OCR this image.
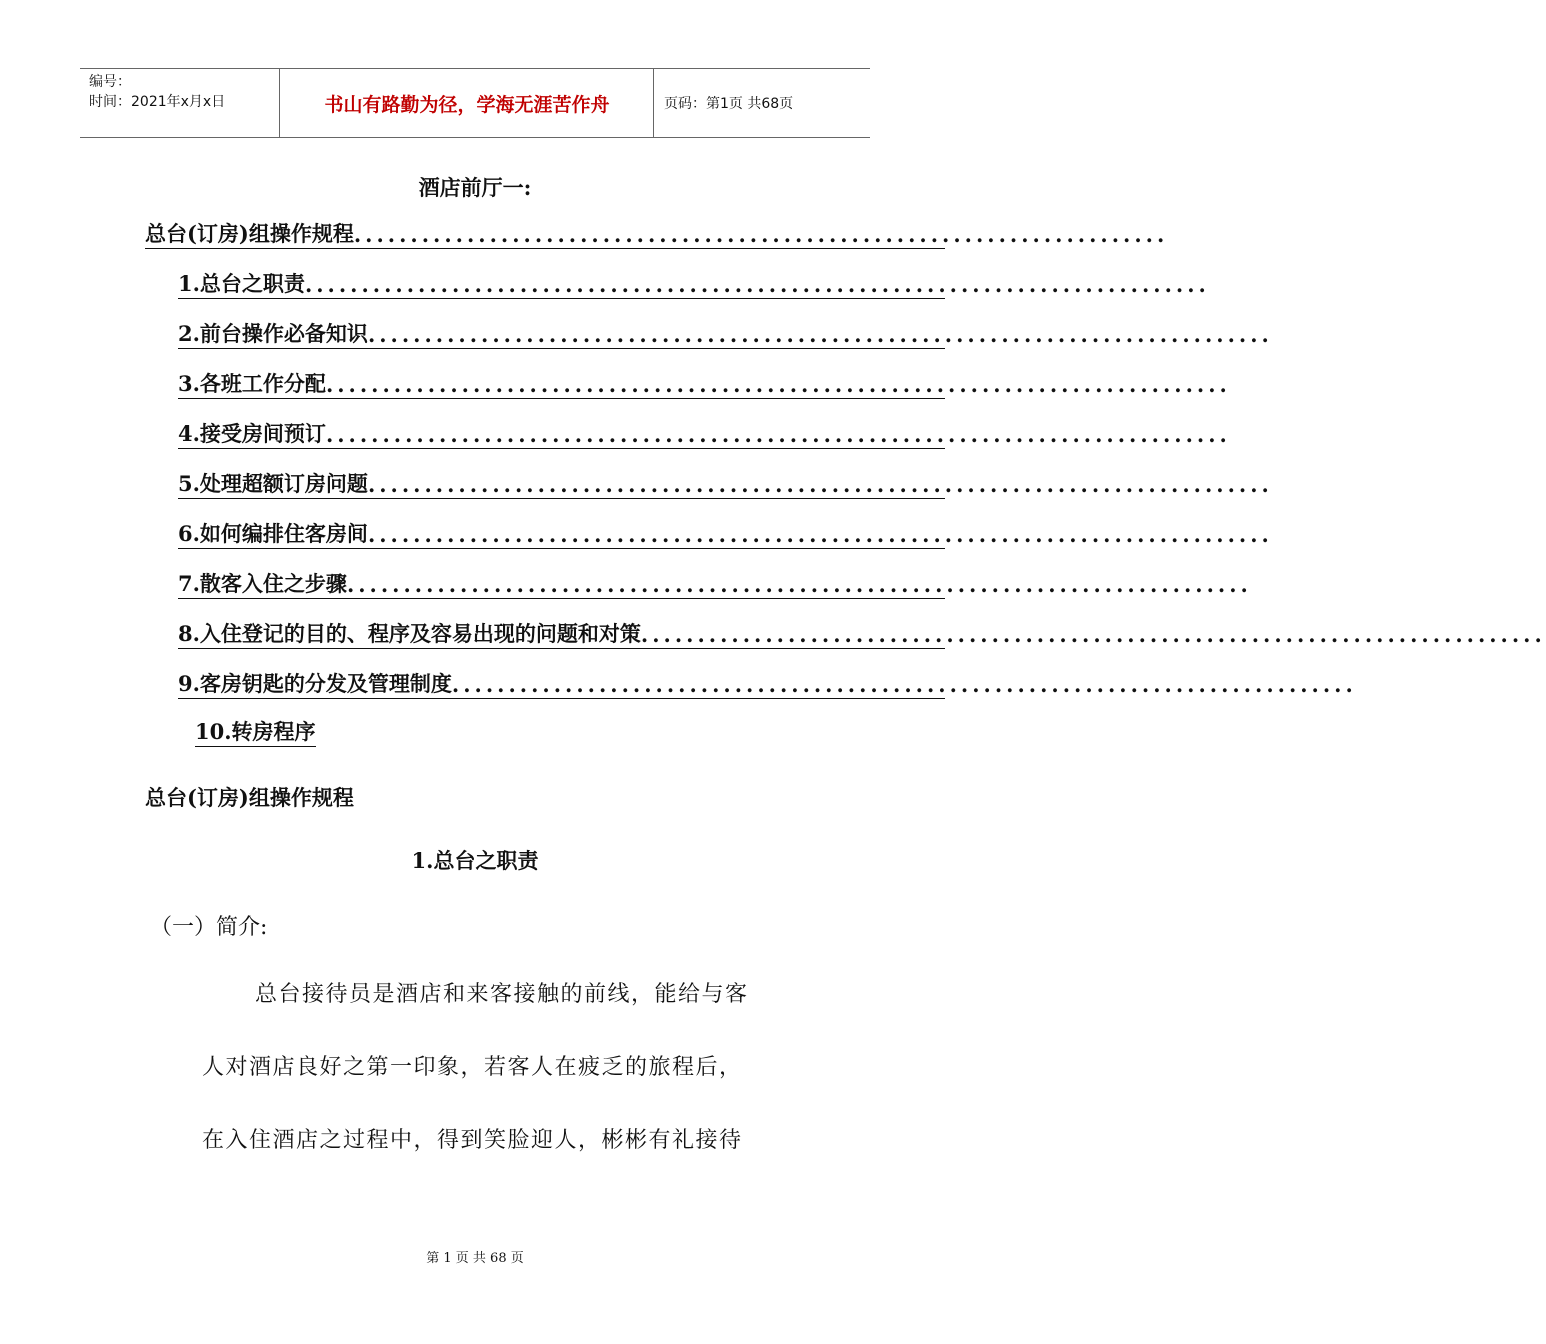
编号：
时间：2021年x月x日	书山有路勤为径，学海无涯苦作舟	页码：第1页 共68页
酒店前厅一:
总台(订房)组操作规程 ........................................................................
1.总台之职责 ................................................................................
2.前台操作必备知识 ................................................................................
3.各班工作分配 ................................................................................
4.接受房间预订 ................................................................................
5.处理超额订房问题 ................................................................................
6.如何编排住客房间 ................................................................................
7.散客入住之步骤 ................................................................................
8.入住登记的目的、程序及容易出现的问题和对策 ................................................................................
9.客房钥匙的分发及管理制度 ................................................................................
10.转房程序
总台(订房)组操作规程
1.总台之职责
（一）简介:
总台接待员是酒店和来客接触的前线，能给与客
人对酒店良好之第一印象，若客人在疲乏的旅程后，
在入住酒店之过程中，得到笑脸迎人，彬彬有礼接待
第 1 页 共 68 页
